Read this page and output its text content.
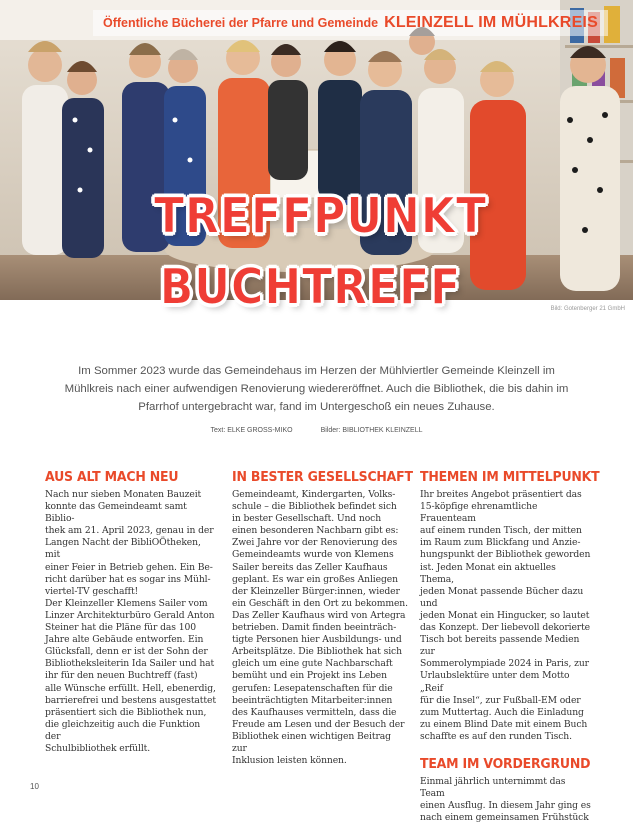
Öffentliche Bücherei der Pfarre und Gemeinde KLEINZELL IM MÜHLKREIS
Bild: Gotenberger 21 GmbH
TREFFPUNKT
BUCHTREFF

Im Sommer 2023 wurde das Gemeindehaus im Herzen der Mühlviertler Gemeinde Kleinzell im Mühlkreis nach einer aufwendigen Renovierung wiedereröffnet. Auch die Bibliothek, die bis dahin im Pfarrhof untergebracht war, fand im Untergeschoß ein neues Zuhause.

Text: ELKE GROSS-MIKO	Bilder: BIBLIOTHEK KLEINZELL
AUS ALT MACH NEU

Nach nur sieben Monaten Bauzeit
konnte das Gemeindeamt samt Biblio-
thek am 21. April 2023, genau in der
Langen Nacht der BibliOÖtheken, mit
einer Feier in Betrieb gehen. Ein Be-
richt darüber hat es sogar ins Mühl-
viertel-TV geschafft!
Der Kleinzeller Klemens Sailer vom
Linzer Architekturbüro Gerald Anton
Steiner hat die Pläne für das 100
Jahre alte Gebäude entworfen. Ein
Glücksfall, denn er ist der Sohn der
Bibliotheksleiterin Ida Sailer und hat
ihr für den neuen Buchtreff (fast)
alle Wünsche erfüllt. Hell, ebenerdig,
barrierefrei und bestens ausgestattet
präsentiert sich die Bibliothek nun,
die gleichzeitig auch die Funktion der
Schulbibliothek erfüllt.

IN BESTER GESELLSCHAFT

Gemeindeamt, Kindergarten, Volks-
schule – die Bibliothek befindet sich
in bester Gesellschaft. Und noch
einen besonderen Nachbarn gibt es:
Zwei Jahre vor der Renovierung des
Gemeindeamts wurde von Klemens
Sailer bereits das Zeller Kaufhaus
geplant. Es war ein großes Anliegen
der Kleinzeller Bürger:innen, wieder
ein Geschäft in den Ort zu bekommen.
Das Zeller Kaufhaus wird von Artegra
betrieben. Damit finden beeinträch-
tigte Personen hier Ausbildungs- und
Arbeitsplätze. Die Bibliothek hat sich
gleich um eine gute Nachbarschaft
bemüht und ein Projekt ins Leben
gerufen: Lesepatenschaften für die
beeinträchtigten Mitarbeiter:innen
des Kaufhauses vermitteln, dass die
Freude am Lesen und der Besuch der
Bibliothek einen wichtigen Beitrag zur
Inklusion leisten können.

THEMEN IM MITTELPUNKT

Ihr breites Angebot präsentiert das
15-köpfige ehrenamtliche Frauenteam
auf einem runden Tisch, der mitten
im Raum zum Blickfang und Anzie-
hungspunkt der Bibliothek geworden
ist. Jeden Monat ein aktuelles Thema,
jeden Monat passende Bücher dazu und
jeden Monat ein Hingucker, so lautet
das Konzept. Der liebevoll dekorierte
Tisch bot bereits passende Medien zur
Sommerolympiade 2024 in Paris, zur
Urlaubslektüre unter dem Motto „Reif
für die Insel“, zur Fußball-EM oder
zum Muttertag. Auch die Einladung
zu einem Blind Date mit einem Buch
schaffte es auf den runden Tisch.

TEAM IM VORDERGRUND

Einmal jährlich unternimmt das Team
einen Ausflug. In diesem Jahr ging es
nach einem gemeinsamen Frühstück

10
